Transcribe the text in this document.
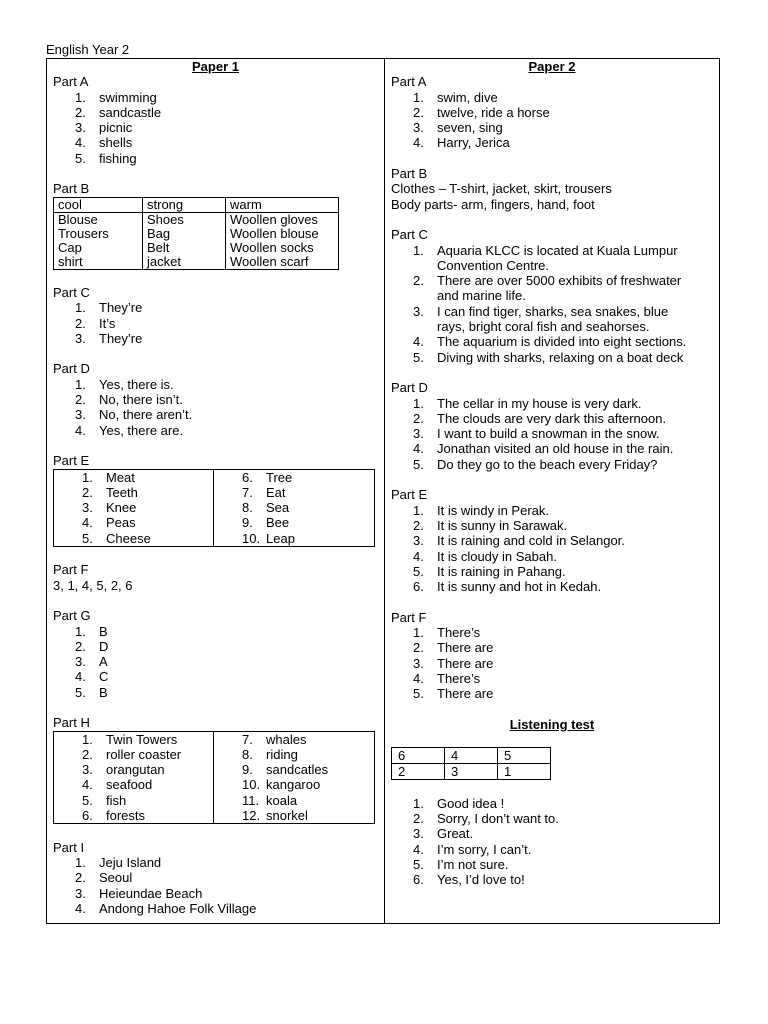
English Year 2
Paper 1
Part A
1. swimming
2. sandcastle
3. picnic
4. shells
5. fishing
Part B
cool	strong	warm
Blouse	Shoes	Woollen gloves
Trousers	Bag	Woollen blouse
Cap	Belt	Woollen socks
shirt	jacket	Woollen scarf
Part C
1. They’re
2. It’s
3. They’re
Part D
1. Yes, there is.
2. No, there isn’t.
3. No, there aren’t.
4. Yes, there are.
Part E
1. Meat
2. Teeth
3. Knee
4. Peas
5. Cheese
6. Tree
7. Eat
8. Sea
9. Bee
10. Leap
Part F
3, 1, 4, 5, 2, 6
Part G
1. B
2. D
3. A
4. C
5. B
Part H
1. Twin Towers
2. roller coaster
3. orangutan
4. seafood
5. fish
6. forests
7. whales
8. riding
9. sandcatles
10. kangaroo
11. koala
12. snorkel
Part I
1. Jeju Island
2. Seoul
3. Heieundae Beach
4. Andong Hahoe Folk Village
Paper 2
Part A
1. swim, dive
2. twelve, ride a horse
3. seven, sing
4. Harry, Jerica
Part B
Clothes – T-shirt, jacket, skirt, trousers
Body parts- arm, fingers, hand, foot
Part C
1. Aquaria KLCC is located at Kuala Lumpur
Convention Centre.
2. There are over 5000 exhibits of freshwater
and marine life.
3. I can find tiger, sharks, sea snakes, blue
rays, bright coral fish and seahorses.
4. The aquarium is divided into eight sections.
5. Diving with sharks, relaxing on a boat deck
Part D
1. The cellar in my house is very dark.
2. The clouds are very dark this afternoon.
3. I want to build a snowman in the snow.
4. Jonathan visited an old house in the rain.
5. Do they go to the beach every Friday?
Part E
1. It is windy in Perak.
2. It is sunny in Sarawak.
3. It is raining and cold in Selangor.
4. It is cloudy in Sabah.
5. It is raining in Pahang.
6. It is sunny and hot in Kedah.
Part F
1. There’s
2. There are
3. There are
4. There’s
5. There are
Listening test
6	4	5
2	3	1
1. Good idea !
2. Sorry, I don’t want to.
3. Great.
4. I’m sorry, I can’t.
5. I’m not sure.
6. Yes, I’d love to!
